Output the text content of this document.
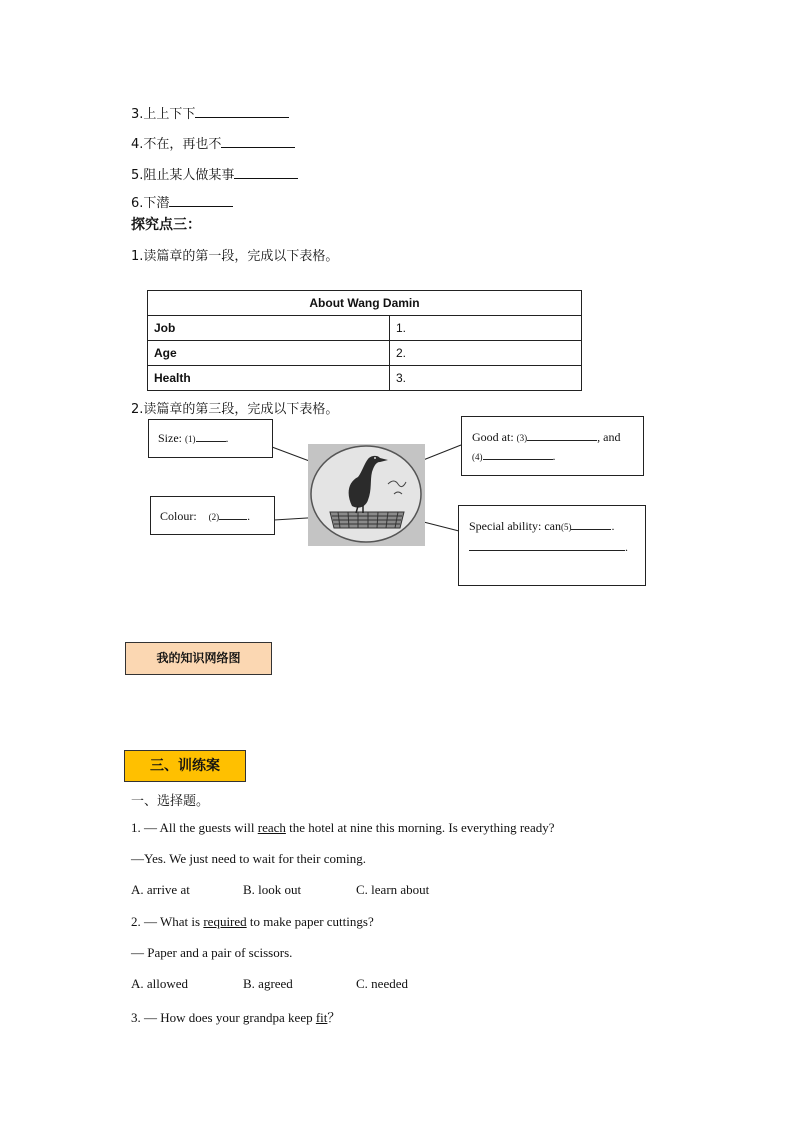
3.上上下下
4.不在，再也不
5.阻止某人做某事
6.下潜
探究点三：
1.读篇章的第一段，完成以下表格。
About Wang Damin	
Job	1.
Age	2.
Health	3.
2.读篇章的第三段，完成以下表格。
Size: (1)	.
Colour: (2) .
Good at: (3)	, and
(4)	.
Special ability: can(5)	.
.
我的知识网络图
三、训练案
一、选择题。
1. — All the guests will reach the hotel at nine this morning. Is everything ready?
—Yes. We just need to wait for their coming.
A. arrive at	B. look out	C. learn about
2. — What is required to make paper cuttings?
— Paper and a pair of scissors.
A. allowed	B. agreed	C. needed
3. — How does your grandpa keep fit？
